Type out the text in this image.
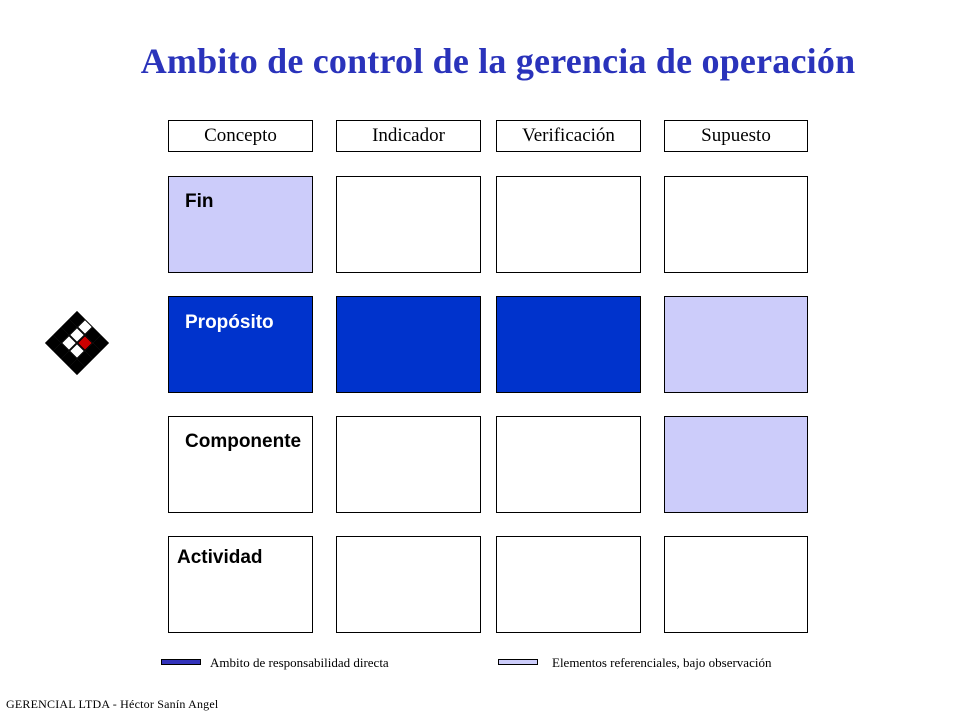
Ambito de control de la gerencia de operación
Concepto	Indicador	Verificación	Supuesto
Fin
Propósito
Componente
Actividad
Ambito de responsabilidad directa	Elementos referenciales, bajo observación
GERENCIAL LTDA - Héctor Sanín Angel
